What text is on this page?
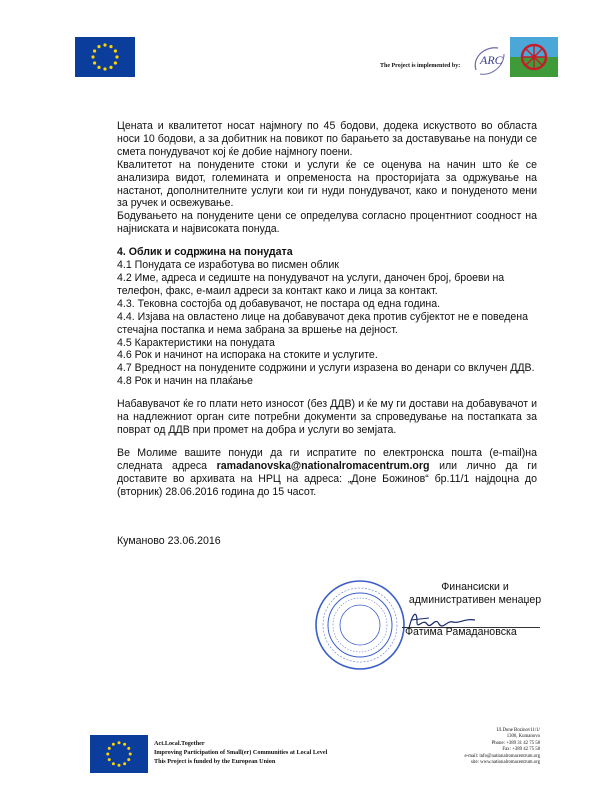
The Project is implemented by: ARC

Цената и квалитетот носат најмногу по 45 бодови, додека искуството во областа носи 10 бодови, а за добитник на повикот по барањето за доставување на понуди се смета понудувачот кој ќе добие најмногу поени.

Квалитетот на понудените стоки и услуги ќе се оценува на начин што ќе се анализира видот, големината и опременоста на просторијата за одржување на настанот, дополнителните услуги кои ги нуди понудувачот, како и понуденото мени за ручек и освежување.

Бодувањето на понудените цени се определува согласно процентниот соодност на најниската и највисоката понуда.

4. Облик и содржина на понудата

4.1 Понудата се изработува во писмен облик

4.2 Име, адреса и седиште на понудувачот на услуги, даночен број, броеви на телефон, факс, е-маил адреси за контакт како и лица за контакт.

4.3. Тековна состојба од добавувачот, не постара од една година.

4.4. Изјава на овластено лице на добавувачот дека против субјектот не е поведена

стечајна постапка и нема забрана за вршење на дејност.

4.5 Карактеристики на понудата

4.6 Рок и начинот на испорака на стоките и услугите.

4.7 Вредност на понудените содржини и услуги изразена во денари со вклучен ДДВ.

4.8 Рок и начин на плаќање

Набавувачот ќе го плати нето износот (без ДДВ) и ќе му ги достави на добавувачот и на надлежниот орган сите потребни документи за спроведување на постапката за поврат од ДДВ при промет на добра и услуги во земјата.

Ве Молиме вашите понуди да ги испратите по електронска пошта (e-mail)на следната адреса ramadanovska@nationalromacentrum.org или лично да ги доставите во архивата на НРЦ на адреса: „Доне Божинов“ бр.11/1 најдоцна до (вторник) 28.06.2016 година до 15 часот.

Куманово 23.06.2016
Финансиски и
административен менаџер
Фатима Рамадановска
Act.Local.Together
Improving Participation of Small(er) Communities at Local Level
This Project is funded by the European Union
Ul.Done Bozinov11/1/
1300, Kumanovo
Phone: +389 31 42 75 58
Fax: +389 42 75 58
e-mail: info@nationalromacentrum.org
site: www.nationalromacentrum.org
